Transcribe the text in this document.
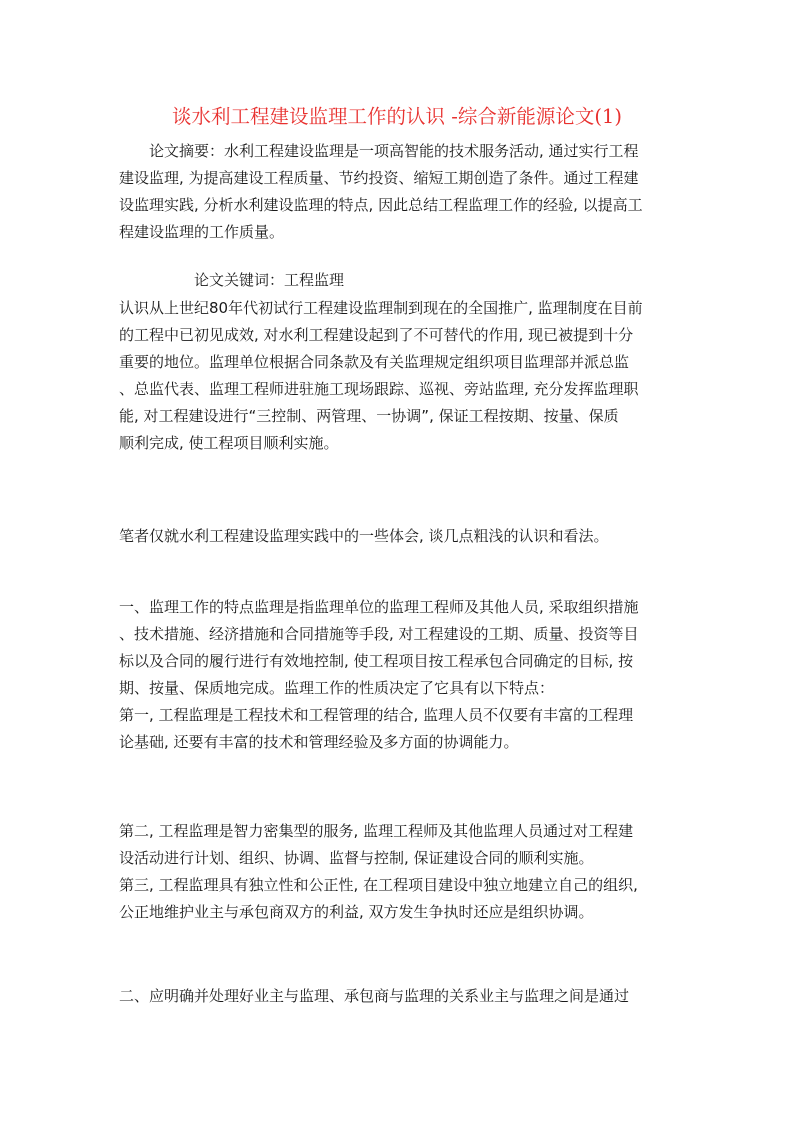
谈水利工程建设监理工作的认识 -综合新能源论文(1)
　　论文摘要：水利工程建设监理是一项高智能的技术服务活动, 通过实行工程
建设监理, 为提高建设工程质量、节约投资、缩短工期创造了条件。通过工程建
设监理实践, 分析水利建设监理的特点, 因此总结工程监理工作的经验, 以提高工
程建设监理的工作质量。
　　　　　论文关键词：工程监理
认识从上世纪80年代初试行工程建设监理制到现在的全国推广, 监理制度在目前
的工程中已初见成效, 对水利工程建设起到了不可替代的作用, 现已被提到十分
重要的地位。监理单位根据合同条款及有关监理规定组织项目监理部并派总监
、总监代表、监理工程师进驻施工现场跟踪、巡视、旁站监理, 充分发挥监理职
能, 对工程建设进行“三控制、两管理、一协调”, 保证工程按期、按量、保质
顺利完成, 使工程项目顺利实施。
笔者仅就水利工程建设监理实践中的一些体会, 谈几点粗浅的认识和看法。
一、监理工作的特点监理是指监理单位的监理工程师及其他人员, 采取组织措施
、技术措施、经济措施和合同措施等手段, 对工程建设的工期、质量、投资等目
标以及合同的履行进行有效地控制, 使工程项目按工程承包合同确定的目标, 按
期、按量、保质地完成。监理工作的性质决定了它具有以下特点：
第一, 工程监理是工程技术和工程管理的结合, 监理人员不仅要有丰富的工程理
论基础, 还要有丰富的技术和管理经验及多方面的协调能力。
第二, 工程监理是智力密集型的服务, 监理工程师及其他监理人员通过对工程建
设活动进行计划、组织、协调、监督与控制, 保证建设合同的顺利实施。
第三, 工程监理具有独立性和公正性, 在工程项目建设中独立地建立自己的组织,
公正地维护业主与承包商双方的利益, 双方发生争执时还应是组织协调。
二、应明确并处理好业主与监理、承包商与监理的关系业主与监理之间是通过
